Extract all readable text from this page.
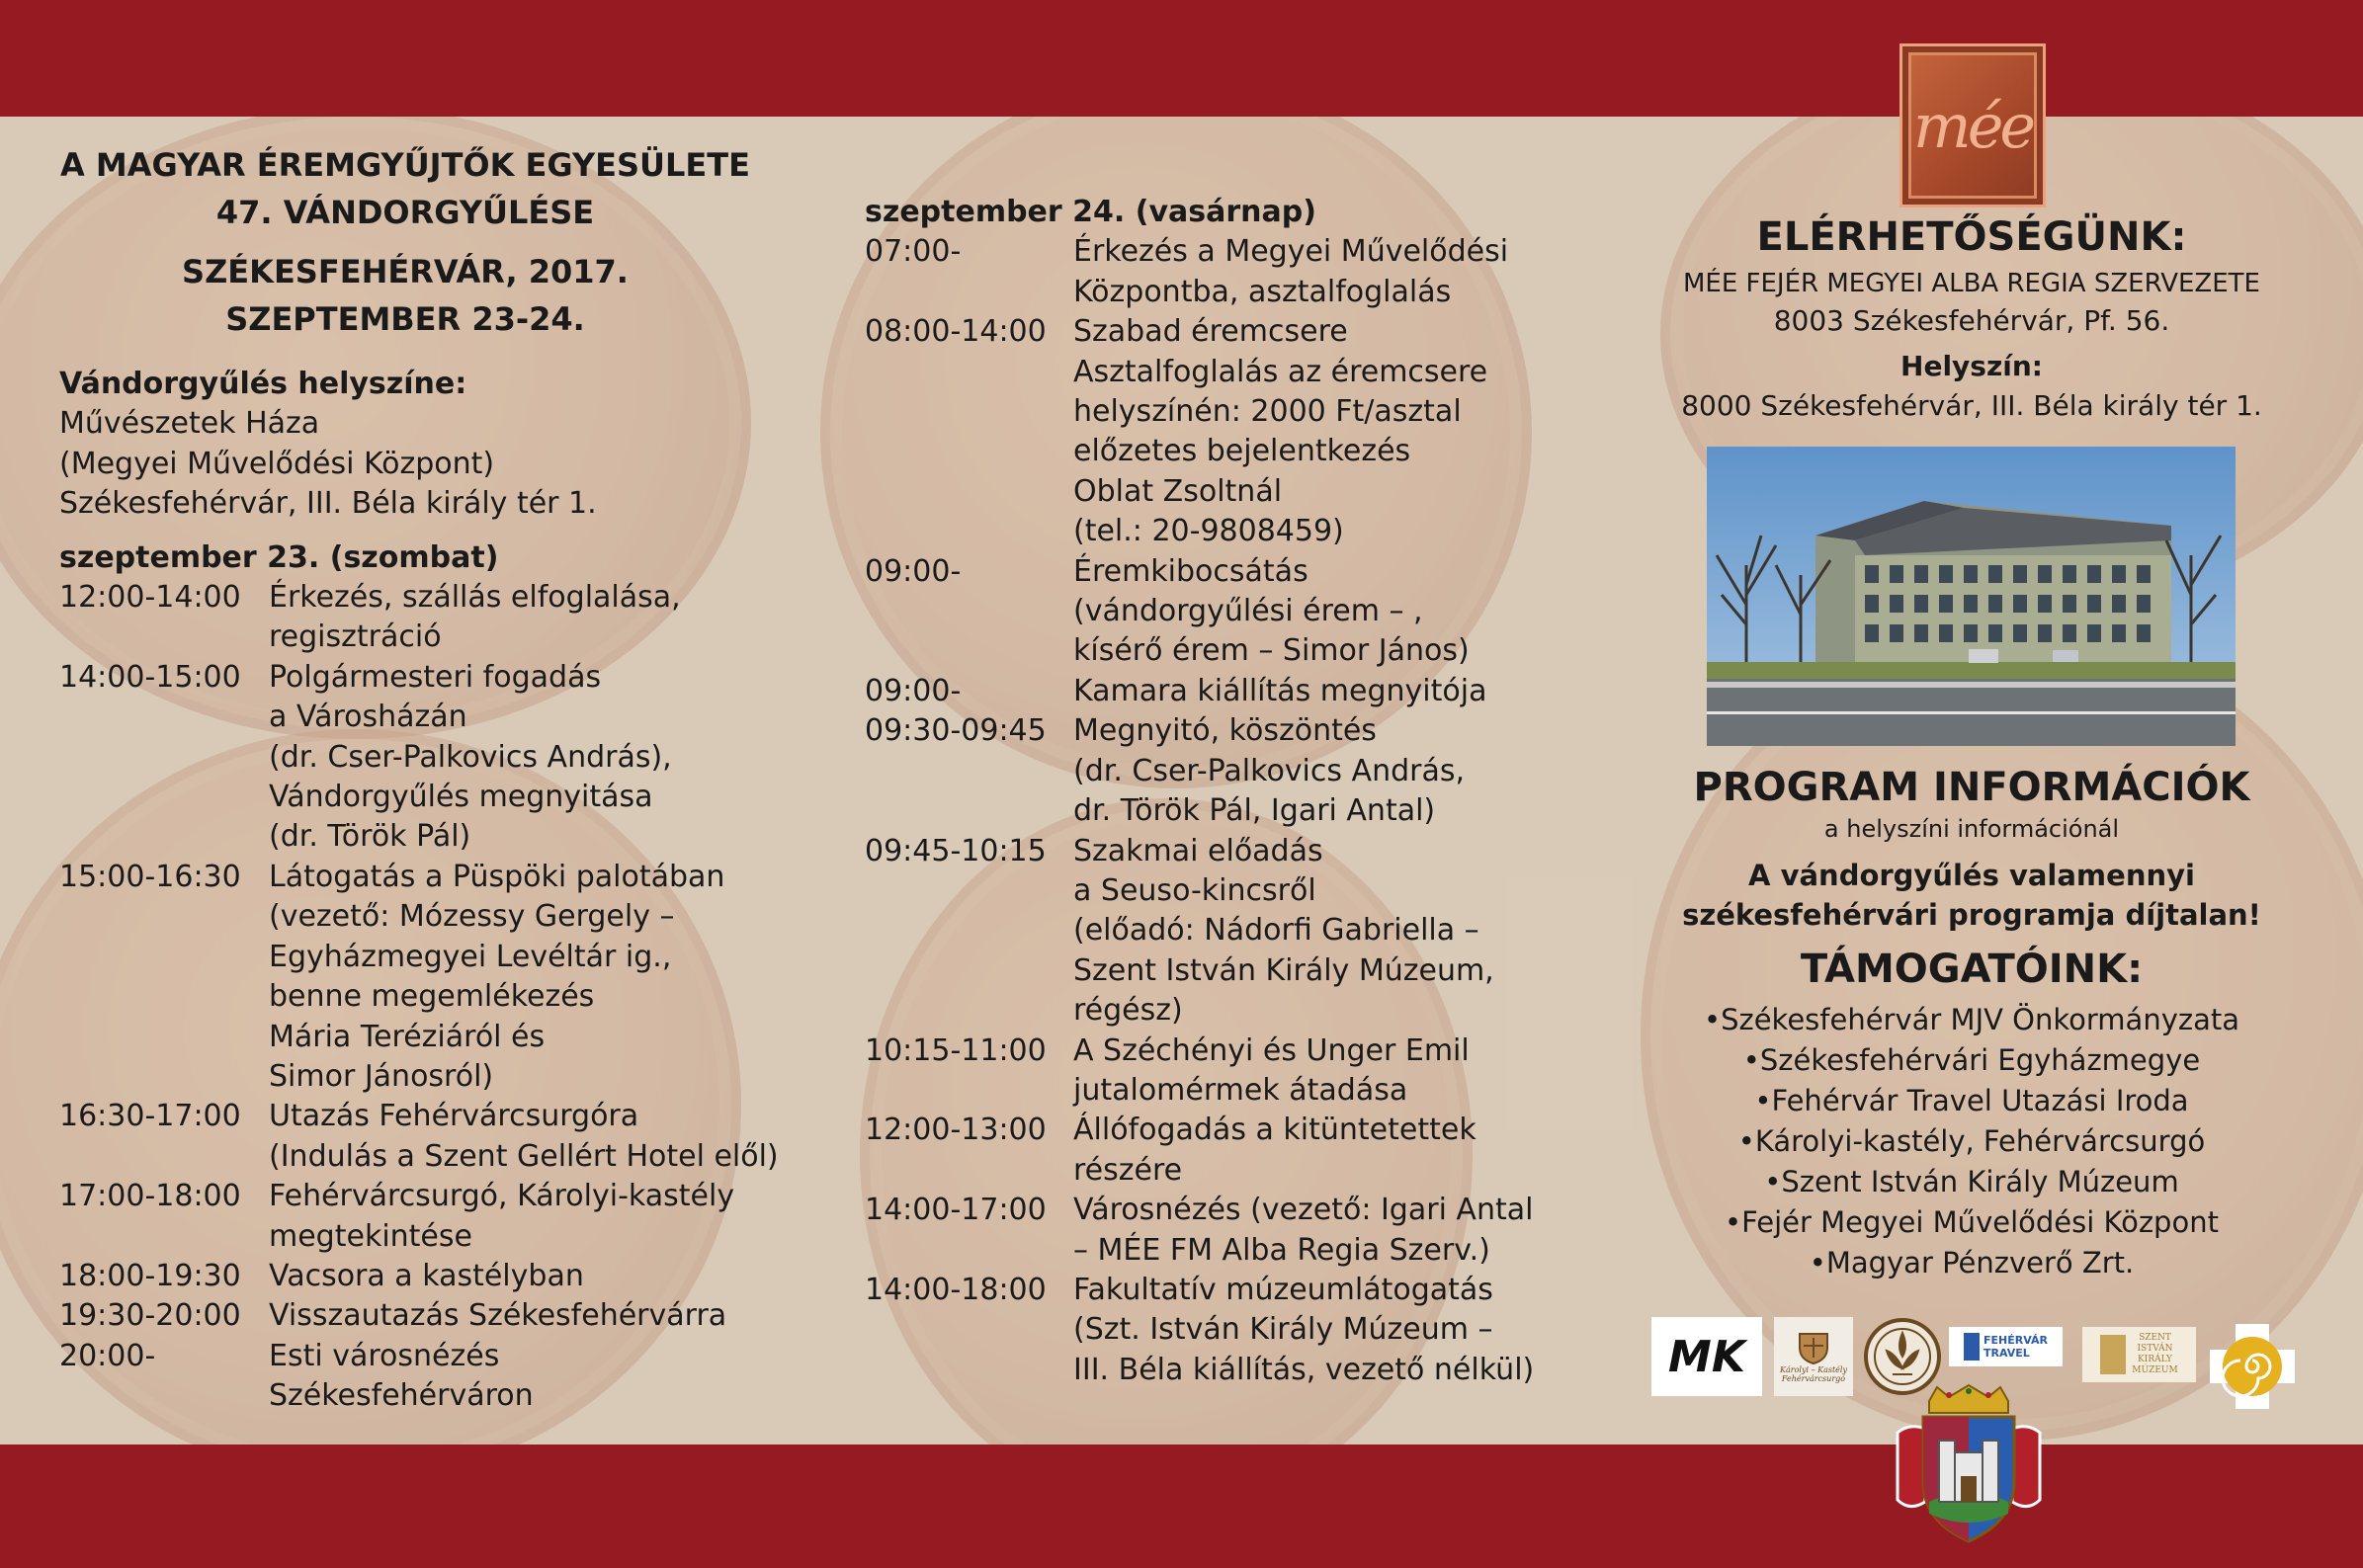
A MAGYAR ÉREMGYŰJTŐK EGYESÜLETE
47. VÁNDORGYŰLÉSE
SZÉKESFEHÉRVÁR, 2017. SZEPTEMBER 23-24.
Vándorgyűlés helyszíne:
Művészetek Háza
(Megyei Művelődési Központ)
Székesfehérvár, III. Béla király tér 1.
szeptember 23. (szombat)
12:00-14:00 Érkezés, szállás elfoglalása,
regisztráció
14:00-15:00 Polgármesteri fogadás
a Városházán
(dr. Cser-Palkovics András),
Vándorgyűlés megnyitása
(dr. Török Pál)
15:00-16:30 Látogatás a Püspöki palotában
(vezető: Mózessy Gergely –
Egyházmegyei Levéltár ig.,
benne megemlékezés
Mária Teréziáról és
Simor Jánosról)
16:30-17:00 Utazás Fehérvárcsurgóra
(Indulás a Szent Gellért Hotel elől)
17:00-18:00 Fehérvárcsurgó, Károlyi-kastély
megtekintése
18:00-19:30 Vacsora a kastélyban
19:30-20:00 Visszautazás Székesfehérvárra
20:00-	Esti városnézés
Székesfehérváron
szeptember 24. (vasárnap)
07:00-	Érkezés a Megyei Művelődési
Központba, asztalfoglalás
08:00-14:00 Szabad éremcsere
Asztalfoglalás az éremcsere
helyszínén: 2000 Ft/asztal
előzetes bejelentkezés
Oblat Zsoltnál
(tel.: 20-9808459)
09:00-	Éremkibocsátás
(vándorgyűlési érem – ,
kísérő érem – Simor János)
09:00-	Kamara kiállítás megnyitója
09:30-09:45 Megnyitó, köszöntés
(dr. Cser-Palkovics András,
dr. Török Pál, Igari Antal)
09:45-10:15 Szakmai előadás
a Seuso-kincsről
(előadó: Nádorfi Gabriella –
Szent István Király Múzeum,
régész)
10:15-11:00 A Széchényi és Unger Emil
jutalomérmek átadása
12:00-13:00 Állófogadás a kitüntetettek
részére
14:00-17:00 Városnézés (vezető: Igari Antal
– MÉE FM Alba Regia Szerv.)
14:00-18:00 Fakultatív múzeumlátogatás
(Szt. István Király Múzeum –
III. Béla kiállítás, vezető nélkül)
mée
ELÉRHETŐSÉGÜNK:
MÉE FEJÉR MEGYEI ALBA REGIA SZERVEZETE
8003 Székesfehérvár, Pf. 56.
Helyszín:
8000 Székesfehérvár, III. Béla király tér 1.
PROGRAM INFORMÁCIÓK
a helyszíni információnál
A vándorgyűlés valamennyi
székesfehérvári programja díjtalan!
TÁMOGATÓINK:
•Székesfehérvár MJV Önkormányzata
•Székesfehérvári Egyházmegye
•Fehérvár Travel Utazási Iroda
•Károlyi-kastély, Fehérvárcsurgó
•Szent István Király Múzeum
•Fejér Megyei Művelődési Központ
•Magyar Pénzverő Zrt.
MK	Károlyi – Kastély
Fehérvárcsurgó
FEHÉRVÁR
TRAVEL
SZENT
ISTVÁN
KIRÁLY
MÚZEUM
